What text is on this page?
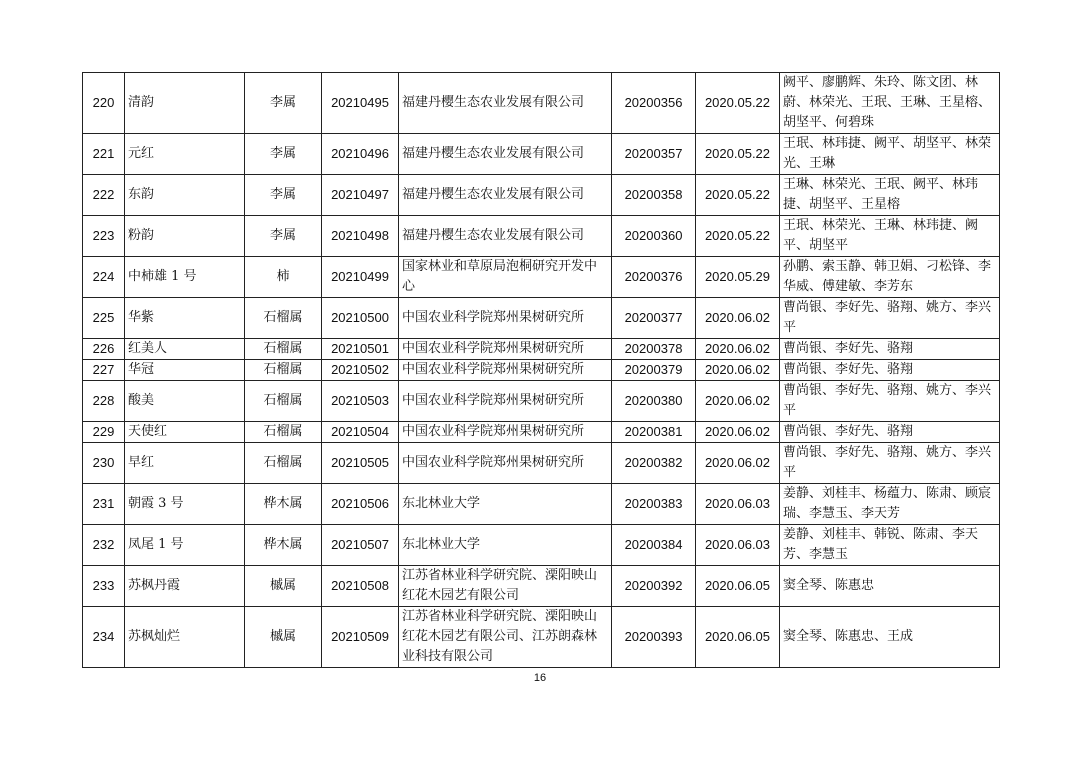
220	清韵	李属	20210495	福建丹樱生态农业发展有限公司	20200356	2020.05.22	阙平、廖鹏辉、朱玲、陈文团、林蔚、林荣光、王珉、王琳、王星榕、胡坚平、何碧珠
221	元红	李属	20210496	福建丹樱生态农业发展有限公司	20200357	2020.05.22	王珉、林玮捷、阙平、胡坚平、林荣光、王琳
222	东韵	李属	20210497	福建丹樱生态农业发展有限公司	20200358	2020.05.22	王琳、林荣光、王珉、阙平、林玮捷、胡坚平、王星榕
223	粉韵	李属	20210498	福建丹樱生态农业发展有限公司	20200360	2020.05.22	王珉、林荣光、王琳、林玮捷、阙平、胡坚平
224	中柿雄 1 号	柿	20210499	国家林业和草原局泡桐研究开发中心	20200376	2020.05.29	孙鹏、索玉静、韩卫娟、刁松锋、李华威、傅建敏、李芳东
225	华紫	石榴属	20210500	中国农业科学院郑州果树研究所	20200377	2020.06.02	曹尚银、李好先、骆翔、姚方、李兴平
226	红美人	石榴属	20210501	中国农业科学院郑州果树研究所	20200378	2020.06.02	曹尚银、李好先、骆翔
227	华冠	石榴属	20210502	中国农业科学院郑州果树研究所	20200379	2020.06.02	曹尚银、李好先、骆翔
228	酸美	石榴属	20210503	中国农业科学院郑州果树研究所	20200380	2020.06.02	曹尚银、李好先、骆翔、姚方、李兴平
229	天使红	石榴属	20210504	中国农业科学院郑州果树研究所	20200381	2020.06.02	曹尚银、李好先、骆翔
230	早红	石榴属	20210505	中国农业科学院郑州果树研究所	20200382	2020.06.02	曹尚银、李好先、骆翔、姚方、李兴平
231	朝霞 3 号	桦木属	20210506	东北林业大学	20200383	2020.06.03	姜静、刘桂丰、杨蕴力、陈肃、顾宸瑞、李慧玉、李天芳
232	凤尾 1 号	桦木属	20210507	东北林业大学	20200384	2020.06.03	姜静、刘桂丰、韩锐、陈肃、李天芳、李慧玉
233	苏枫丹霞	槭属	20210508	江苏省林业科学研究院、溧阳映山红花木园艺有限公司	20200392	2020.06.05	窦全琴、陈惠忠
234	苏枫灿烂	槭属	20210509	江苏省林业科学研究院、溧阳映山红花木园艺有限公司、江苏朗森林业科技有限公司	20200393	2020.06.05	窦全琴、陈惠忠、王成
16
